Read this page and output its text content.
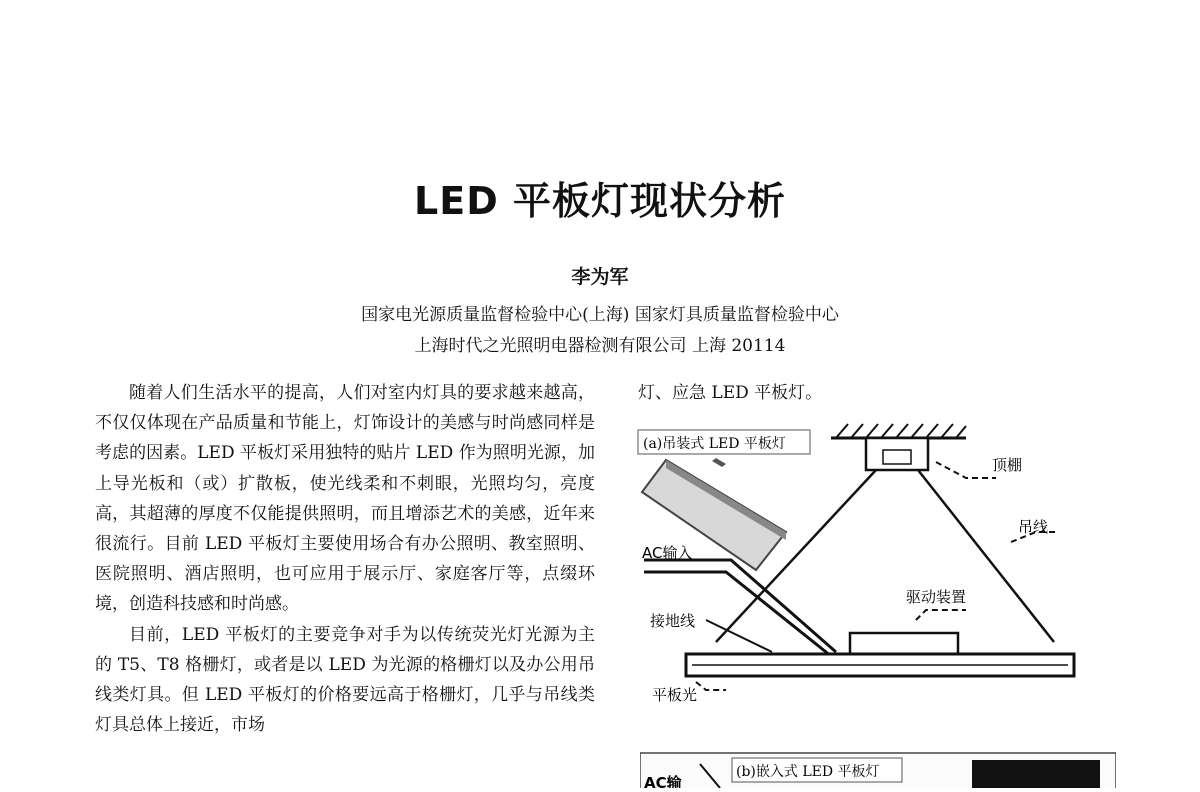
LED 平板灯现状分析
李为军
国家电光源质量监督检验中心(上海) 国家灯具质量监督检验中心
上海时代之光照明电器检测有限公司 上海 20114

随着人们生活水平的提高，人们对室内灯具的要求越来越高，不仅仅体现在产品质量和节能上，灯饰设计的美感与时尚感同样是考虑的因素。LED 平板灯采用独特的贴片 LED 作为照明光源，加上导光板和（或）扩散板，使光线柔和不刺眼，光照均匀，亮度高，其超薄的厚度不仅能提供照明，而且增添艺术的美感，近年来很流行。目前 LED 平板灯主要使用场合有办公照明、教室照明、医院照明、酒店照明，也可应用于展示厅、家庭客厅等，点缀环境，创造科技感和时尚感。

目前，LED 平板灯的主要竞争对手为以传统荧光灯光源为主的 T5、T8 格栅灯，或者是以 LED 为光源的格栅灯以及办公用吊线类灯具。但 LED 平板灯的价格要远高于格栅灯，几乎与吊线类灯具总体上接近，市场

灯、应急 LED 平板灯。
(a)吊装式 LED 平板灯
顶棚
吊线
AC输入
驱动装置
接地线
平板光
AC输
(b)嵌入式 LED 平板灯
